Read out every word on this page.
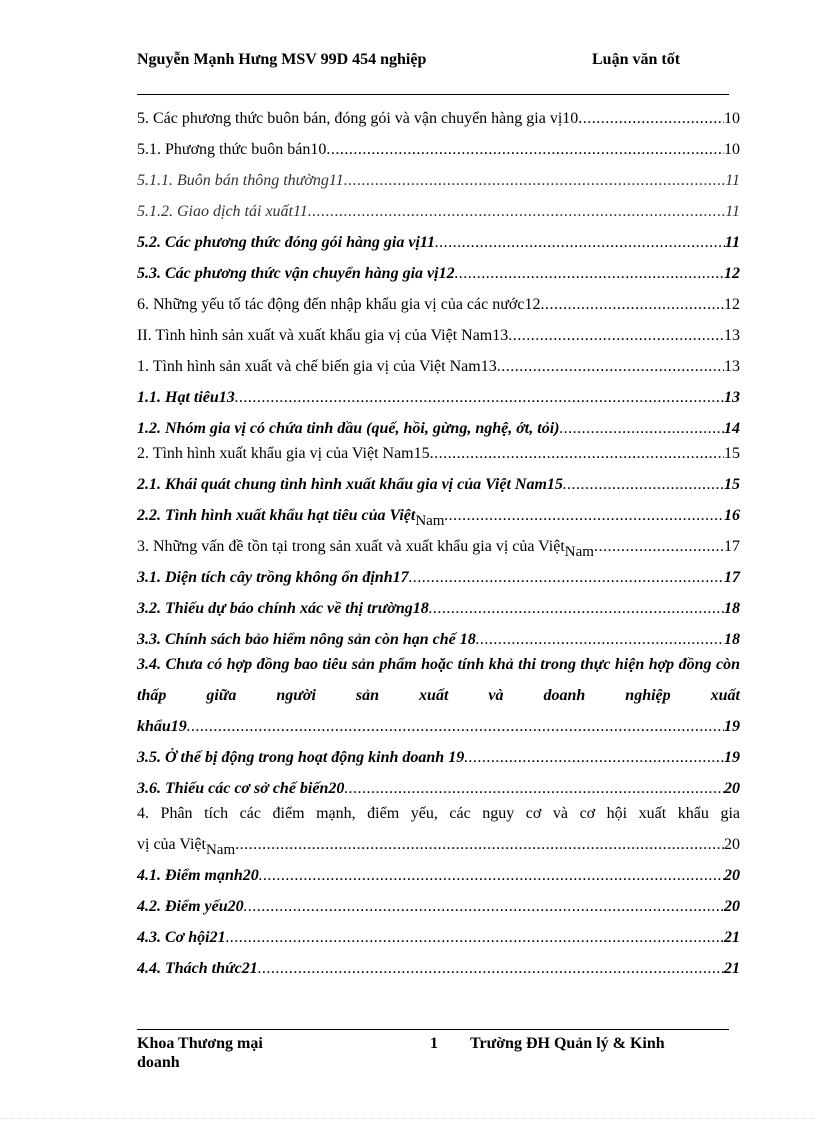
Nguyễn Mạnh Hưng MSV 99D 454 nghiệp	Luận văn tốt
5. Các phương thức buôn bán, đóng gói và vận chuyển hàng gia vị10 .....	10
5.1. Phương thức buôn bán10 .....	10
5.1.1. Buôn bán thông thường11 .....	11
5.1.2. Giao dịch tái xuất11 .....	11
5.2. Các phương thức đóng gói hàng gia vị11 .....	11
5.3. Các phương thức vận chuyển hàng gia vị12 .....	12
6. Những yếu tố tác động đến nhập khẩu gia vị của các nước12 .....	12
II. Tình hình sản xuất và xuất khẩu gia vị của Việt Nam13 .....	13
1. Tình hình sản xuất và chế biến gia vị của Việt Nam13 .....	13
1.1. Hạt tiêu13 .....	13
1.2. Nhóm gia vị có chứa tinh dầu (quế, hồi, gừng, nghệ, ớt, tỏi) .....	14
2. Tình hình xuất khẩu gia vị của Việt Nam15 .....	15
2.1. Khái quát chung tình hình xuất khẩu gia vị của Việt Nam15 .....	15
2.2. Tình hình xuất khẩu hạt tiêu của Việt Nam .....	16
3. Những vấn đề tồn tại trong sản xuất và xuất khẩu gia vị của Việt Nam .....	17
3.1. Diện tích cây trồng không ổn định17 .....	17
3.2. Thiếu dự báo chính xác về thị trường18 .....	18
3.3. Chính sách bảo hiểm nông sản còn hạn chế 18 .....	18
3.4. Chưa có hợp đồng bao tiêu sản phẩm hoặc tính khả thi trong thực hiện hợp đồng còn thấp giữa người sản xuất và doanh nghiệp xuất
khẩu19 .....	19
3.5. Ở thế bị động trong hoạt động kinh doanh 19 .....	19
3.6. Thiếu các cơ sở chế biến20 .....	20
4. Phân tích các điểm mạnh, điểm yếu, các nguy cơ và cơ hội xuất khẩu gia
vị của Việt Nam .....	20
4.1. Điểm mạnh20 .....	20
4.2. Điểm yếu20 .....	20
4.3. Cơ hội21 .....	21
4.4. Thách thức21 .....	21
Khoa Thương mại doanh
1 Trường ĐH Quản lý & Kinh
